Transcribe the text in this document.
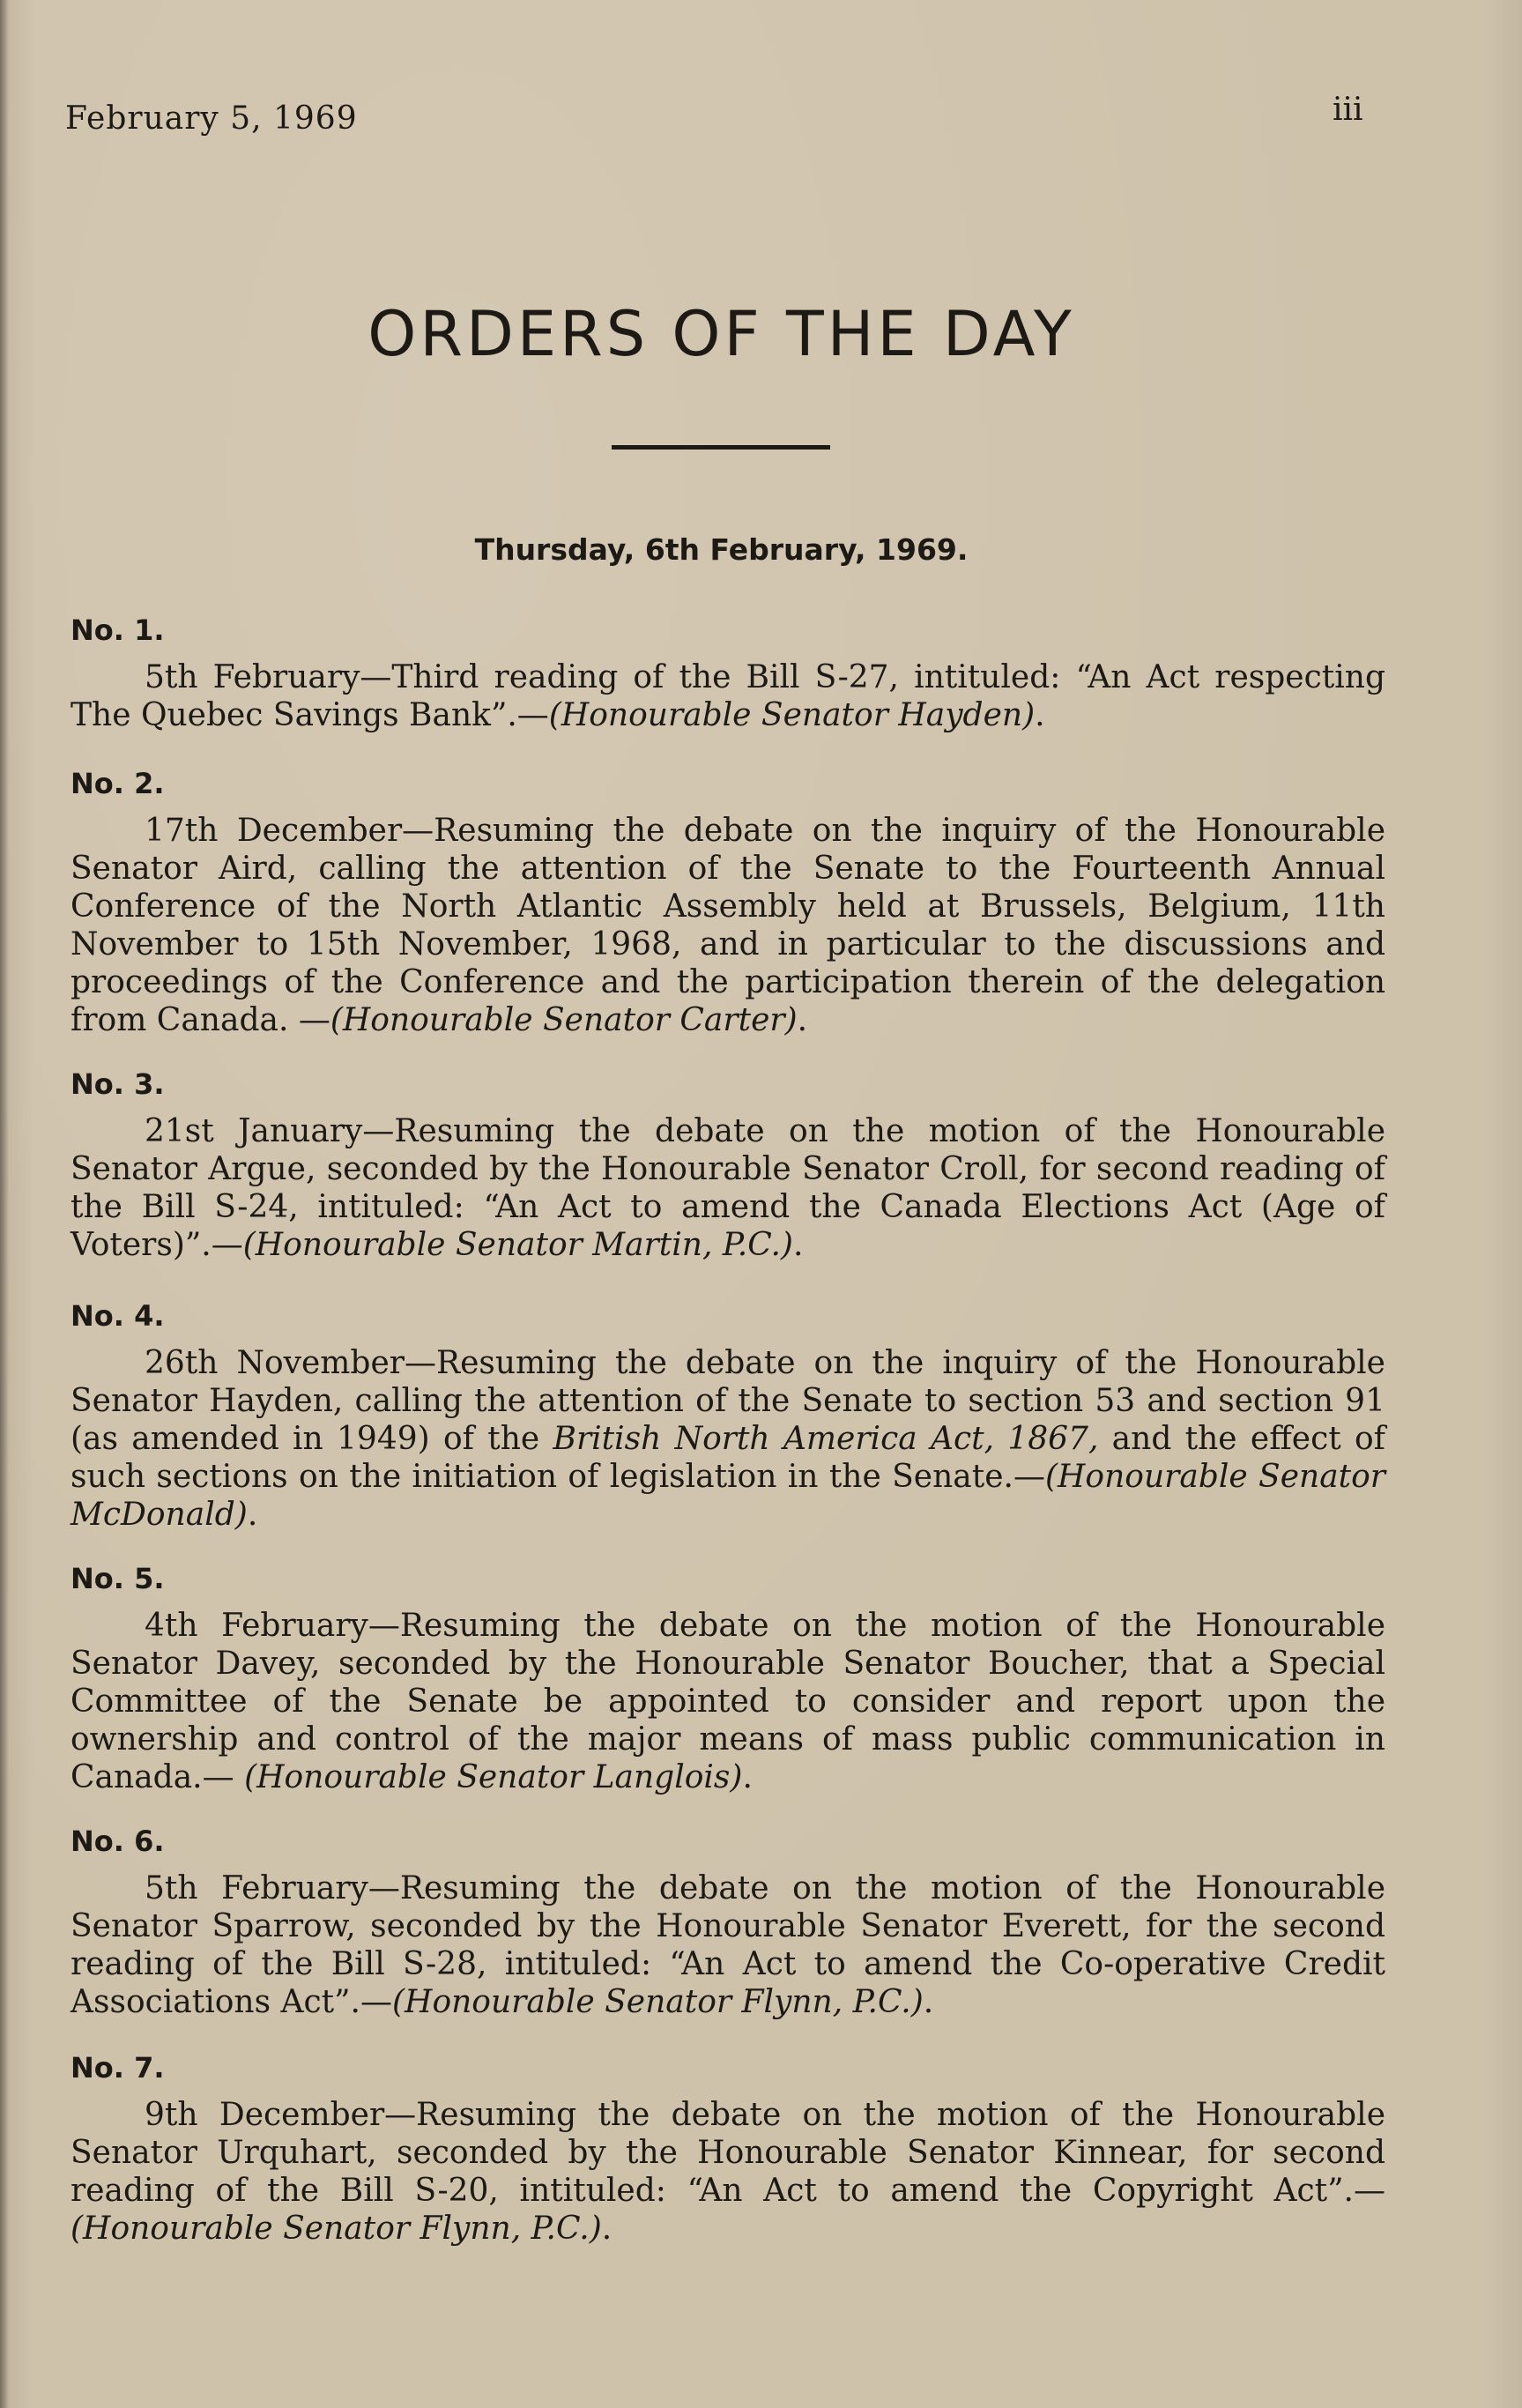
February 5, 1969	iii
ORDERS OF THE DAY
Thursday, 6th February, 1969.
No. 1.

5th February—Third reading of the Bill S-27, intituled: “An Act respecting The Quebec Savings Bank”.—(Honourable Senator Hayden).

No. 2.

17th December—Resuming the debate on the inquiry of the Honourable Senator Aird, calling the attention of the Senate to the Fourteenth Annual Conference of the North Atlantic Assembly held at Brussels, Belgium, 11th November to 15th November, 1968, and in particular to the discussions and proceedings of the Conference and the participation therein of the delegation from Canada. —(Honourable Senator Carter).

No. 3.

21st January—Resuming the debate on the motion of the Honourable Senator Argue, seconded by the Honourable Senator Croll, for second reading of the Bill S-24, intituled: “An Act to amend the Canada Elections Act (Age of Voters)”.—(Honourable Senator Martin, P.C.).

No. 4.

26th November—Resuming the debate on the inquiry of the Honourable Senator Hayden, calling the attention of the Senate to section 53 and section 91 (as amended in 1949) of the British North America Act, 1867, and the effect of such sections on the initiation of legislation in the Senate.—(Honourable Senator McDonald).

No. 5.

4th February—Resuming the debate on the motion of the Honourable Senator Davey, seconded by the Honourable Senator Boucher, that a Special Committee of the Senate be appointed to consider and report upon the ownership and control of the major means of mass public communication in Canada.— (Honourable Senator Langlois).

No. 6.

5th February—Resuming the debate on the motion of the Honourable Senator Sparrow, seconded by the Honourable Senator Everett, for the second reading of the Bill S-28, intituled: “An Act to amend the Co-operative Credit Associations Act”.—(Honourable Senator Flynn, P.C.).

No. 7.

9th December—Resuming the debate on the motion of the Honourable Senator Urquhart, seconded by the Honourable Senator Kinnear, for second reading of the Bill S-20, intituled: “An Act to amend the Copyright Act”.— (Honourable Senator Flynn, P.C.).
